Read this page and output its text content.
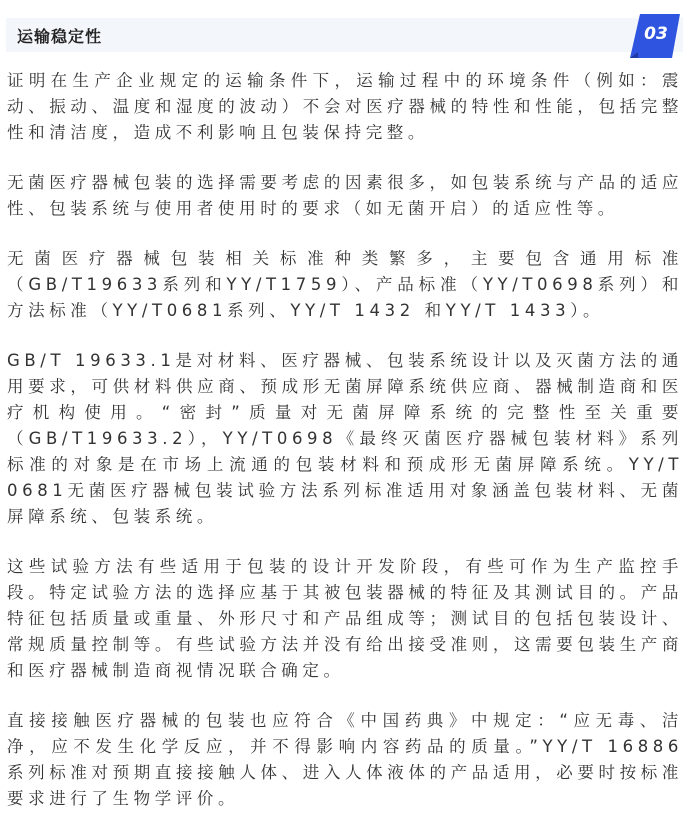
运输稳定性	03

证明在生产企业规定的运输条件下，运输过程中的环境条件（例如：震动、振动、温度和湿度的波动）不会对医疗器械的特性和性能，包括完整性和清洁度，造成不利影响且包装保持完整。

无菌医疗器械包装的选择需要考虑的因素很多，如包装系统与产品的适应性、包装系统与使用者使用时的要求（如无菌开启）的适应性等。

无菌医疗器械包装相关标准种类繁多，主要包含通用标准（GB/T19633系列和YY/T1759）、产品标准（YY/T0698系列）和方法标准（YY/T0681系列、YY/T 1432 和YY/T 1433）。

GB/T 19633.1是对材料、医疗器械、包装系统设计以及灭菌方法的通用要求，可供材料供应商、预成形无菌屏障系统供应商、器械制造商和医疗机构使用。“密封”质量对无菌屏障系统的完整性至关重要（GB/T19633.2），YY/T0698《最终灭菌医疗器械包装材料》系列标准的对象是在市场上流通的包装材料和预成形无菌屏障系统。YY/T 0681无菌医疗器械包装试验方法系列标准适用对象涵盖包装材料、无菌屏障系统、包装系统。

这些试验方法有些适用于包装的设计开发阶段，有些可作为生产监控手段。特定试验方法的选择应基于其被包装器械的特征及其测试目的。产品特征包括质量或重量、外形尺寸和产品组成等；测试目的包括包装设计、常规质量控制等。有些试验方法并没有给出接受准则，这需要包装生产商和医疗器械制造商视情况联合确定。

直接接触医疗器械的包装也应符合《中国药典》中规定：“应无毒、洁净，应不发生化学反应，并不得影响内容药品的质量。”YY/T 16886 系列标准对预期直接接触人体、进入人体液体的产品适用，必要时按标准要求进行了生物学评价。
